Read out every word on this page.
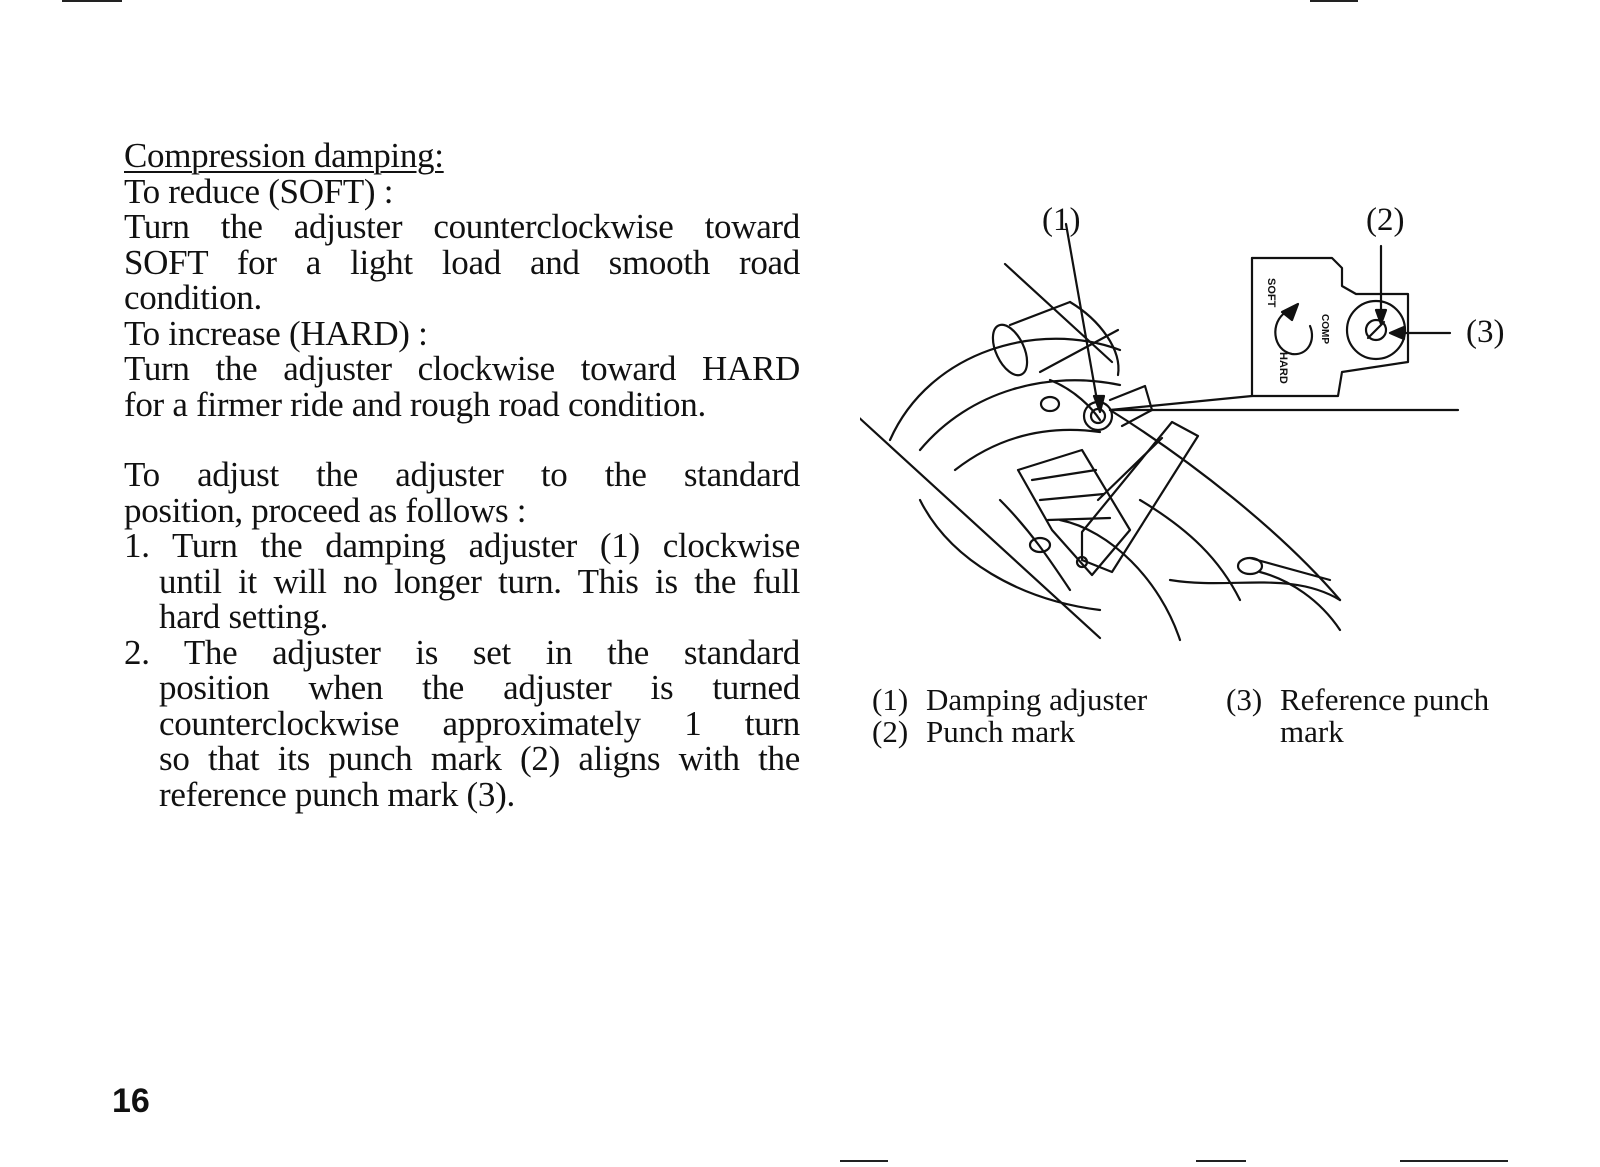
Compression damping:
To reduce (SOFT) :
Turn the adjuster counterclockwise toward
SOFT for a light load and smooth road
condition.
To increase (HARD) :
Turn the adjuster clockwise toward HARD
for a firmer ride and rough road condition.
To adjust the adjuster to the standard
position, proceed as follows :
1. Turn the damping adjuster (1) clockwise
until it will no longer turn. This is the full
hard setting.
2. The adjuster is set in the standard
position when the adjuster is turned
counterclockwise approximately 1 turn
so that its punch mark (2) aligns with the
reference punch mark (3).
SOFT
COMP
HARD
(1)	(2)
(3)
(1) Damping adjuster
(2) Punch mark
(3) Reference punch
mark
16
